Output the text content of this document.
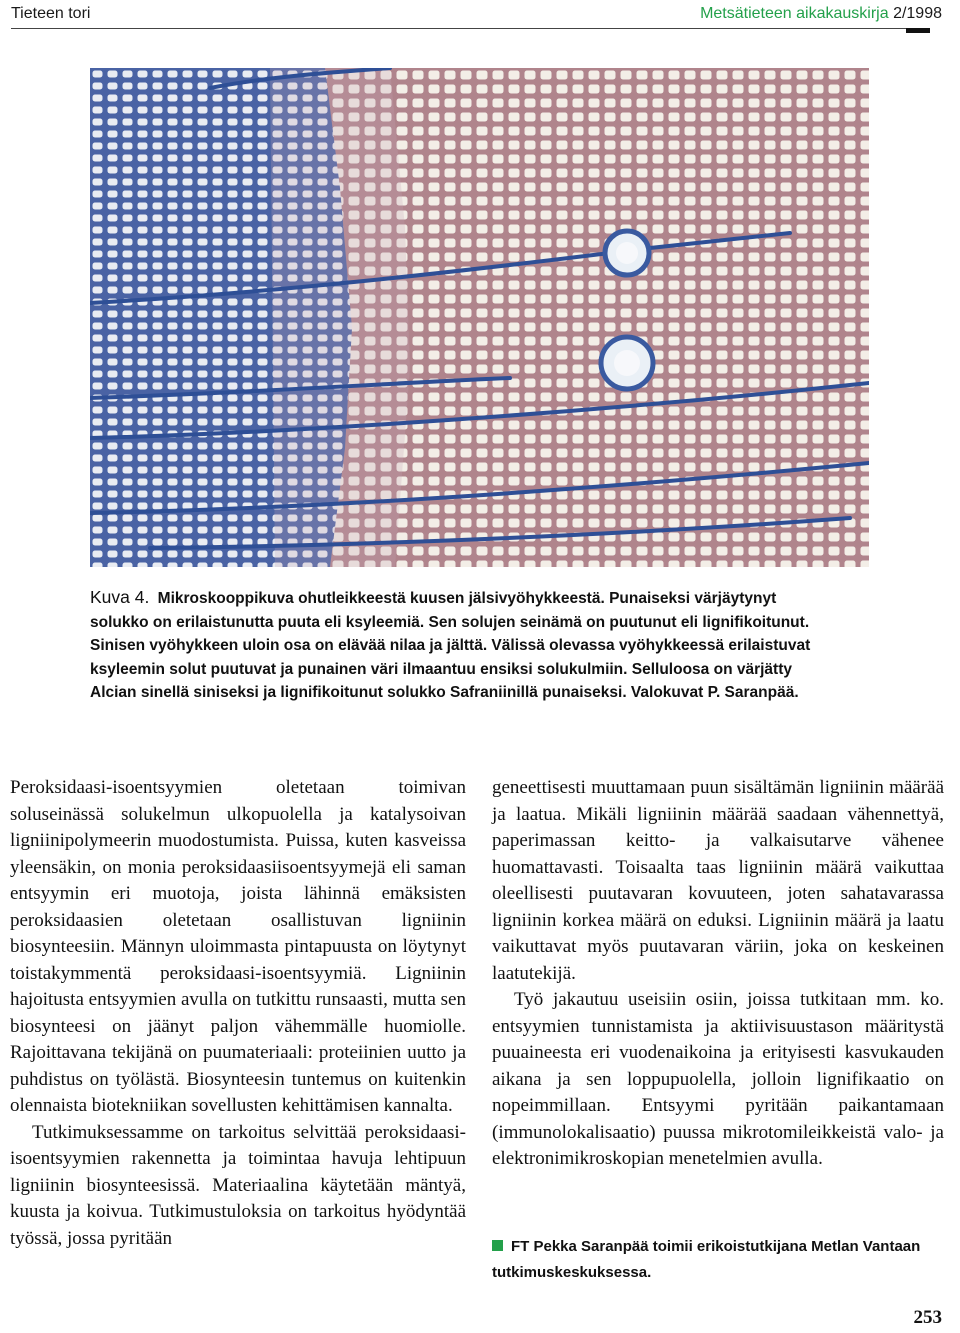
Tieteen tori	Metsätieteen aikakauskirja 2/1998
Kuva 4. Mikroskooppikuva ohutleikkeestä kuusen jälsivyöhykkeestä. Punaiseksi värjäytynyt
solukko on erilaistunutta puuta eli ksyleemiä. Sen solujen seinämä on puutunut eli lignifikoitunut.
Sinisen vyöhykkeen uloin osa on elävää nilaa ja jälttä. Välissä olevassa vyöhykkeessä erilaistuvat
ksyleemin solut puutuvat ja punainen väri ilmaantuu ensiksi solukulmiin. Selluloosa on värjätty
Alcian sinellä siniseksi ja lignifikoitunut solukko Safraniinillä punaiseksi. Valokuvat P. Saranpää.

Peroksidaasi-isoentsyymien oletetaan toimivan soluseinässä solukelmun ulkopuolella ja katalysoivan ligniinipolymeerin muodostumista. Puissa, kuten kasveissa yleensäkin, on monia peroksidaasiisoentsyymejä eli saman entsyymin eri muotoja, joista lähinnä emäksisten peroksidaasien oletetaan osallistuvan ligniinin biosynteesiin. Männyn uloimmasta pintapuusta on löytynyt toistakymmentä peroksidaasi-isoentsyymiä. Ligniinin hajoitusta entsyymien avulla on tutkittu runsaasti, mutta sen biosynteesi on jäänyt paljon vähemmälle huomiolle. Rajoittavana tekijänä on puumateriaali: proteiinien uutto ja puhdistus on työlästä. Biosynteesin tuntemus on kuitenkin olennaista biotekniikan sovellusten kehittämisen kannalta.

Tutkimuksessamme on tarkoitus selvittää peroksidaasi-isoentsyymien rakennetta ja toimintaa havuja lehtipuun ligniinin biosynteesissä. Materiaalina käytetään mäntyä, kuusta ja koivua. Tutkimustuloksia on tarkoitus hyödyntää työssä, jossa pyritään

geneettisesti muuttamaan puun sisältämän ligniinin määrää ja laatua. Mikäli ligniinin määrää saadaan vähennettyä, paperimassan keitto- ja valkaisutarve vähenee huomattavasti. Toisaalta taas ligniinin määrä vaikuttaa oleellisesti puutavaran kovuuteen, joten sahatavarassa ligniinin korkea määrä on eduksi. Ligniinin määrä ja laatu vaikuttavat myös puutavaran väriin, joka on keskeinen laatutekijä.

Työ jakautuu useisiin osiin, joissa tutkitaan mm. ko. entsyymien tunnistamista ja aktiivisuustason määritystä puuaineesta eri vuodenaikoina ja erityisesti kasvukauden aikana ja sen loppupuolella, jolloin lignifikaatio on nopeimmillaan. Entsyymi pyritään paikantamaan (immunolokalisaatio) puussa mikrotomileikkeistä valo- ja elektronimikroskopian menetelmien avulla.

FT Pekka Saranpää toimii erikoistutkijana Metlan Vantaan tutkimuskeskuksessa.
253
